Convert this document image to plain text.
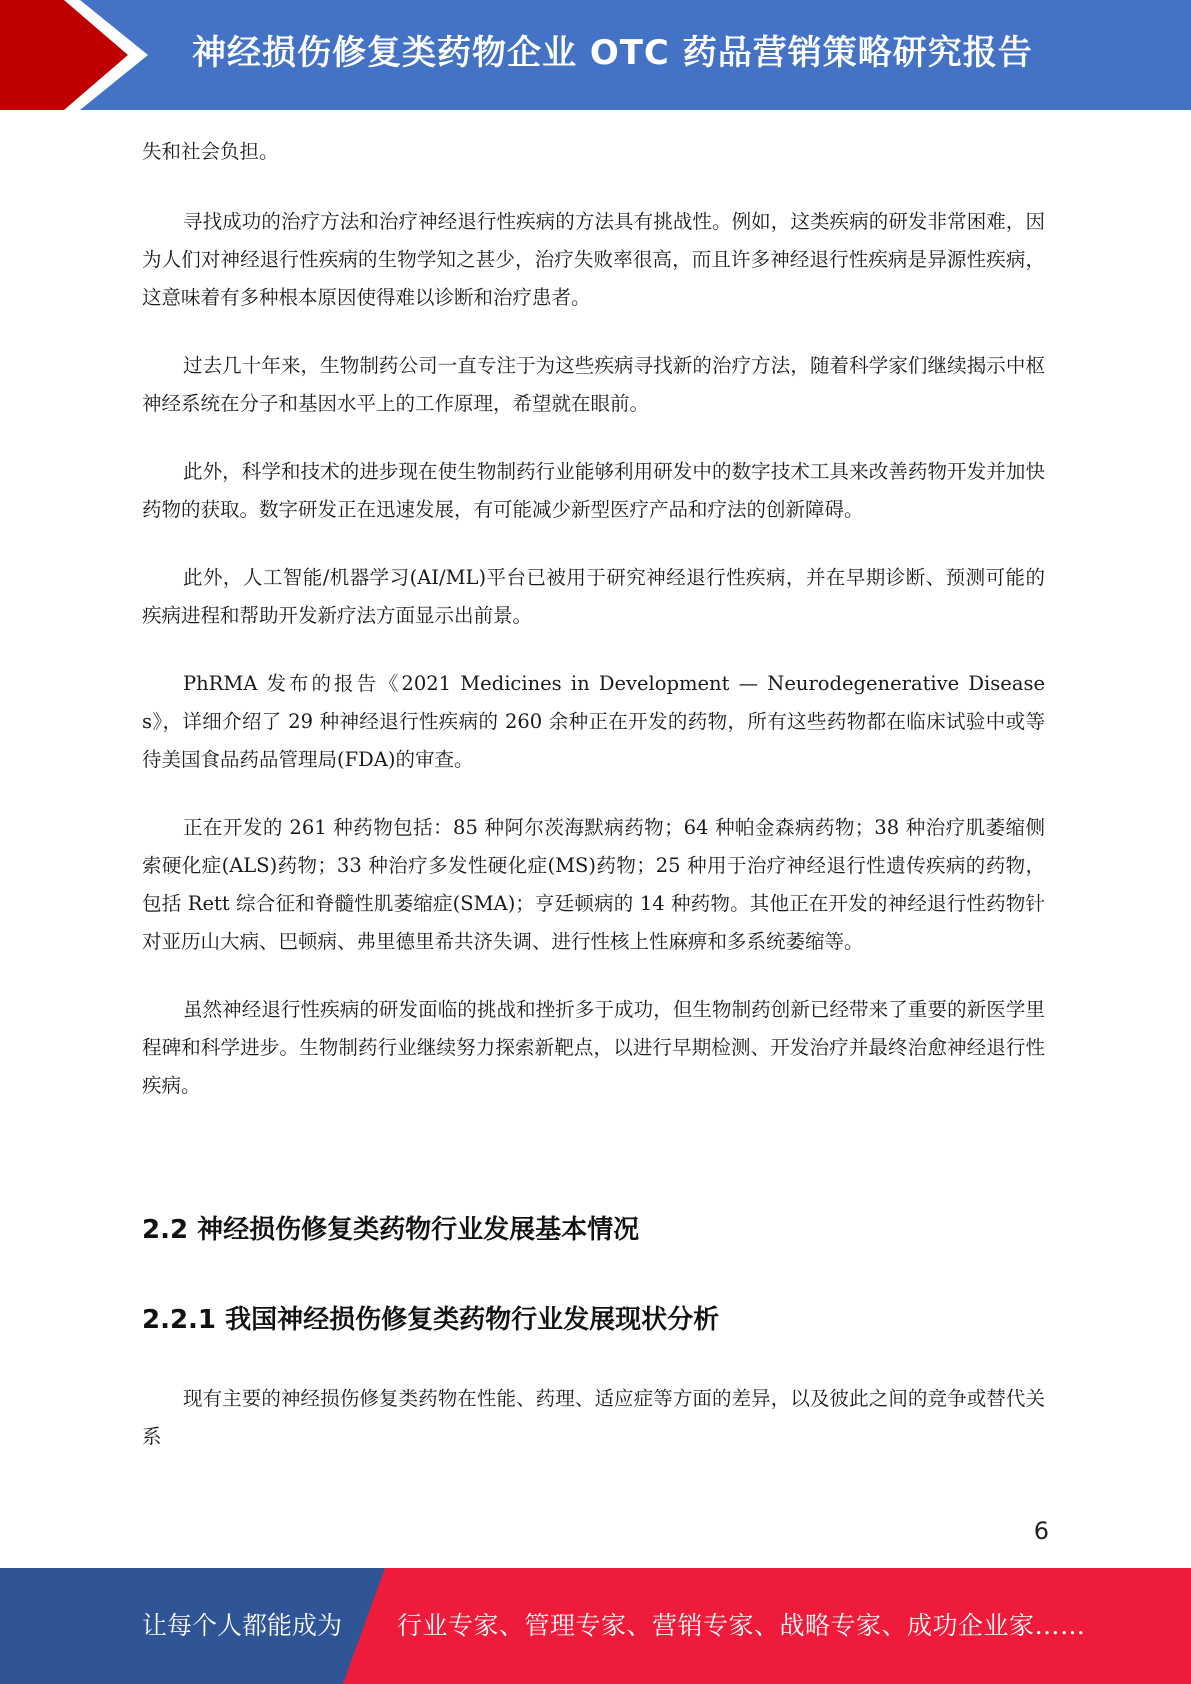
神经损伤修复类药物企业 OTC 药品营销策略研究报告

失和社会负担。

寻找成功的治疗方法和治疗神经退行性疾病的方法具有挑战性。例如，这类疾病的研发非常困难，因为人们对神经退行性疾病的生物学知之甚少，治疗失败率很高，而且许多神经退行性疾病是异源性疾病，这意味着有多种根本原因使得难以诊断和治疗患者。

过去几十年来，生物制药公司一直专注于为这些疾病寻找新的治疗方法，随着科学家们继续揭示中枢神经系统在分子和基因水平上的工作原理，希望就在眼前。

此外，科学和技术的进步现在使生物制药行业能够利用研发中的数字技术工具来改善药物开发并加快药物的获取。数字研发正在迅速发展，有可能减少新型医疗产品和疗法的创新障碍。

此外，人工智能/机器学习(AI/ML)平台已被用于研究神经退行性疾病，并在早期诊断、预测可能的疾病进程和帮助开发新疗法方面显示出前景。

PhRMA 发布的报告《2021 Medicines in Development — Neurodegenerative Diseases》，详细介绍了 29 种神经退行性疾病的 260 余种正在开发的药物，所有这些药物都在临床试验中或等待美国食品药品管理局(FDA)的审查。

正在开发的 261 种药物包括：85 种阿尔茨海默病药物；64 种帕金森病药物；38 种治疗肌萎缩侧索硬化症(ALS)药物；33 种治疗多发性硬化症(MS)药物；25 种用于治疗神经退行性遗传疾病的药物，包括 Rett 综合征和脊髓性肌萎缩症(SMA)；亨廷顿病的 14 种药物。其他正在开发的神经退行性药物针对亚历山大病、巴顿病、弗里德里希共济失调、进行性核上性麻痹和多系统萎缩等。

虽然神经退行性疾病的研发面临的挑战和挫折多于成功，但生物制药创新已经带来了重要的新医学里程碑和科学进步。生物制药行业继续努力探索新靶点，以进行早期检测、开发治疗并最终治愈神经退行性疾病。

2.2 神经损伤修复类药物行业发展基本情况
2.2.1 我国神经损伤修复类药物行业发展现状分析

现有主要的神经损伤修复类药物在性能、药理、适应症等方面的差异，以及彼此之间的竞争或替代关系

6
让每个人都能成为 行业专家、管理专家、营销专家、战略专家、成功企业家……
